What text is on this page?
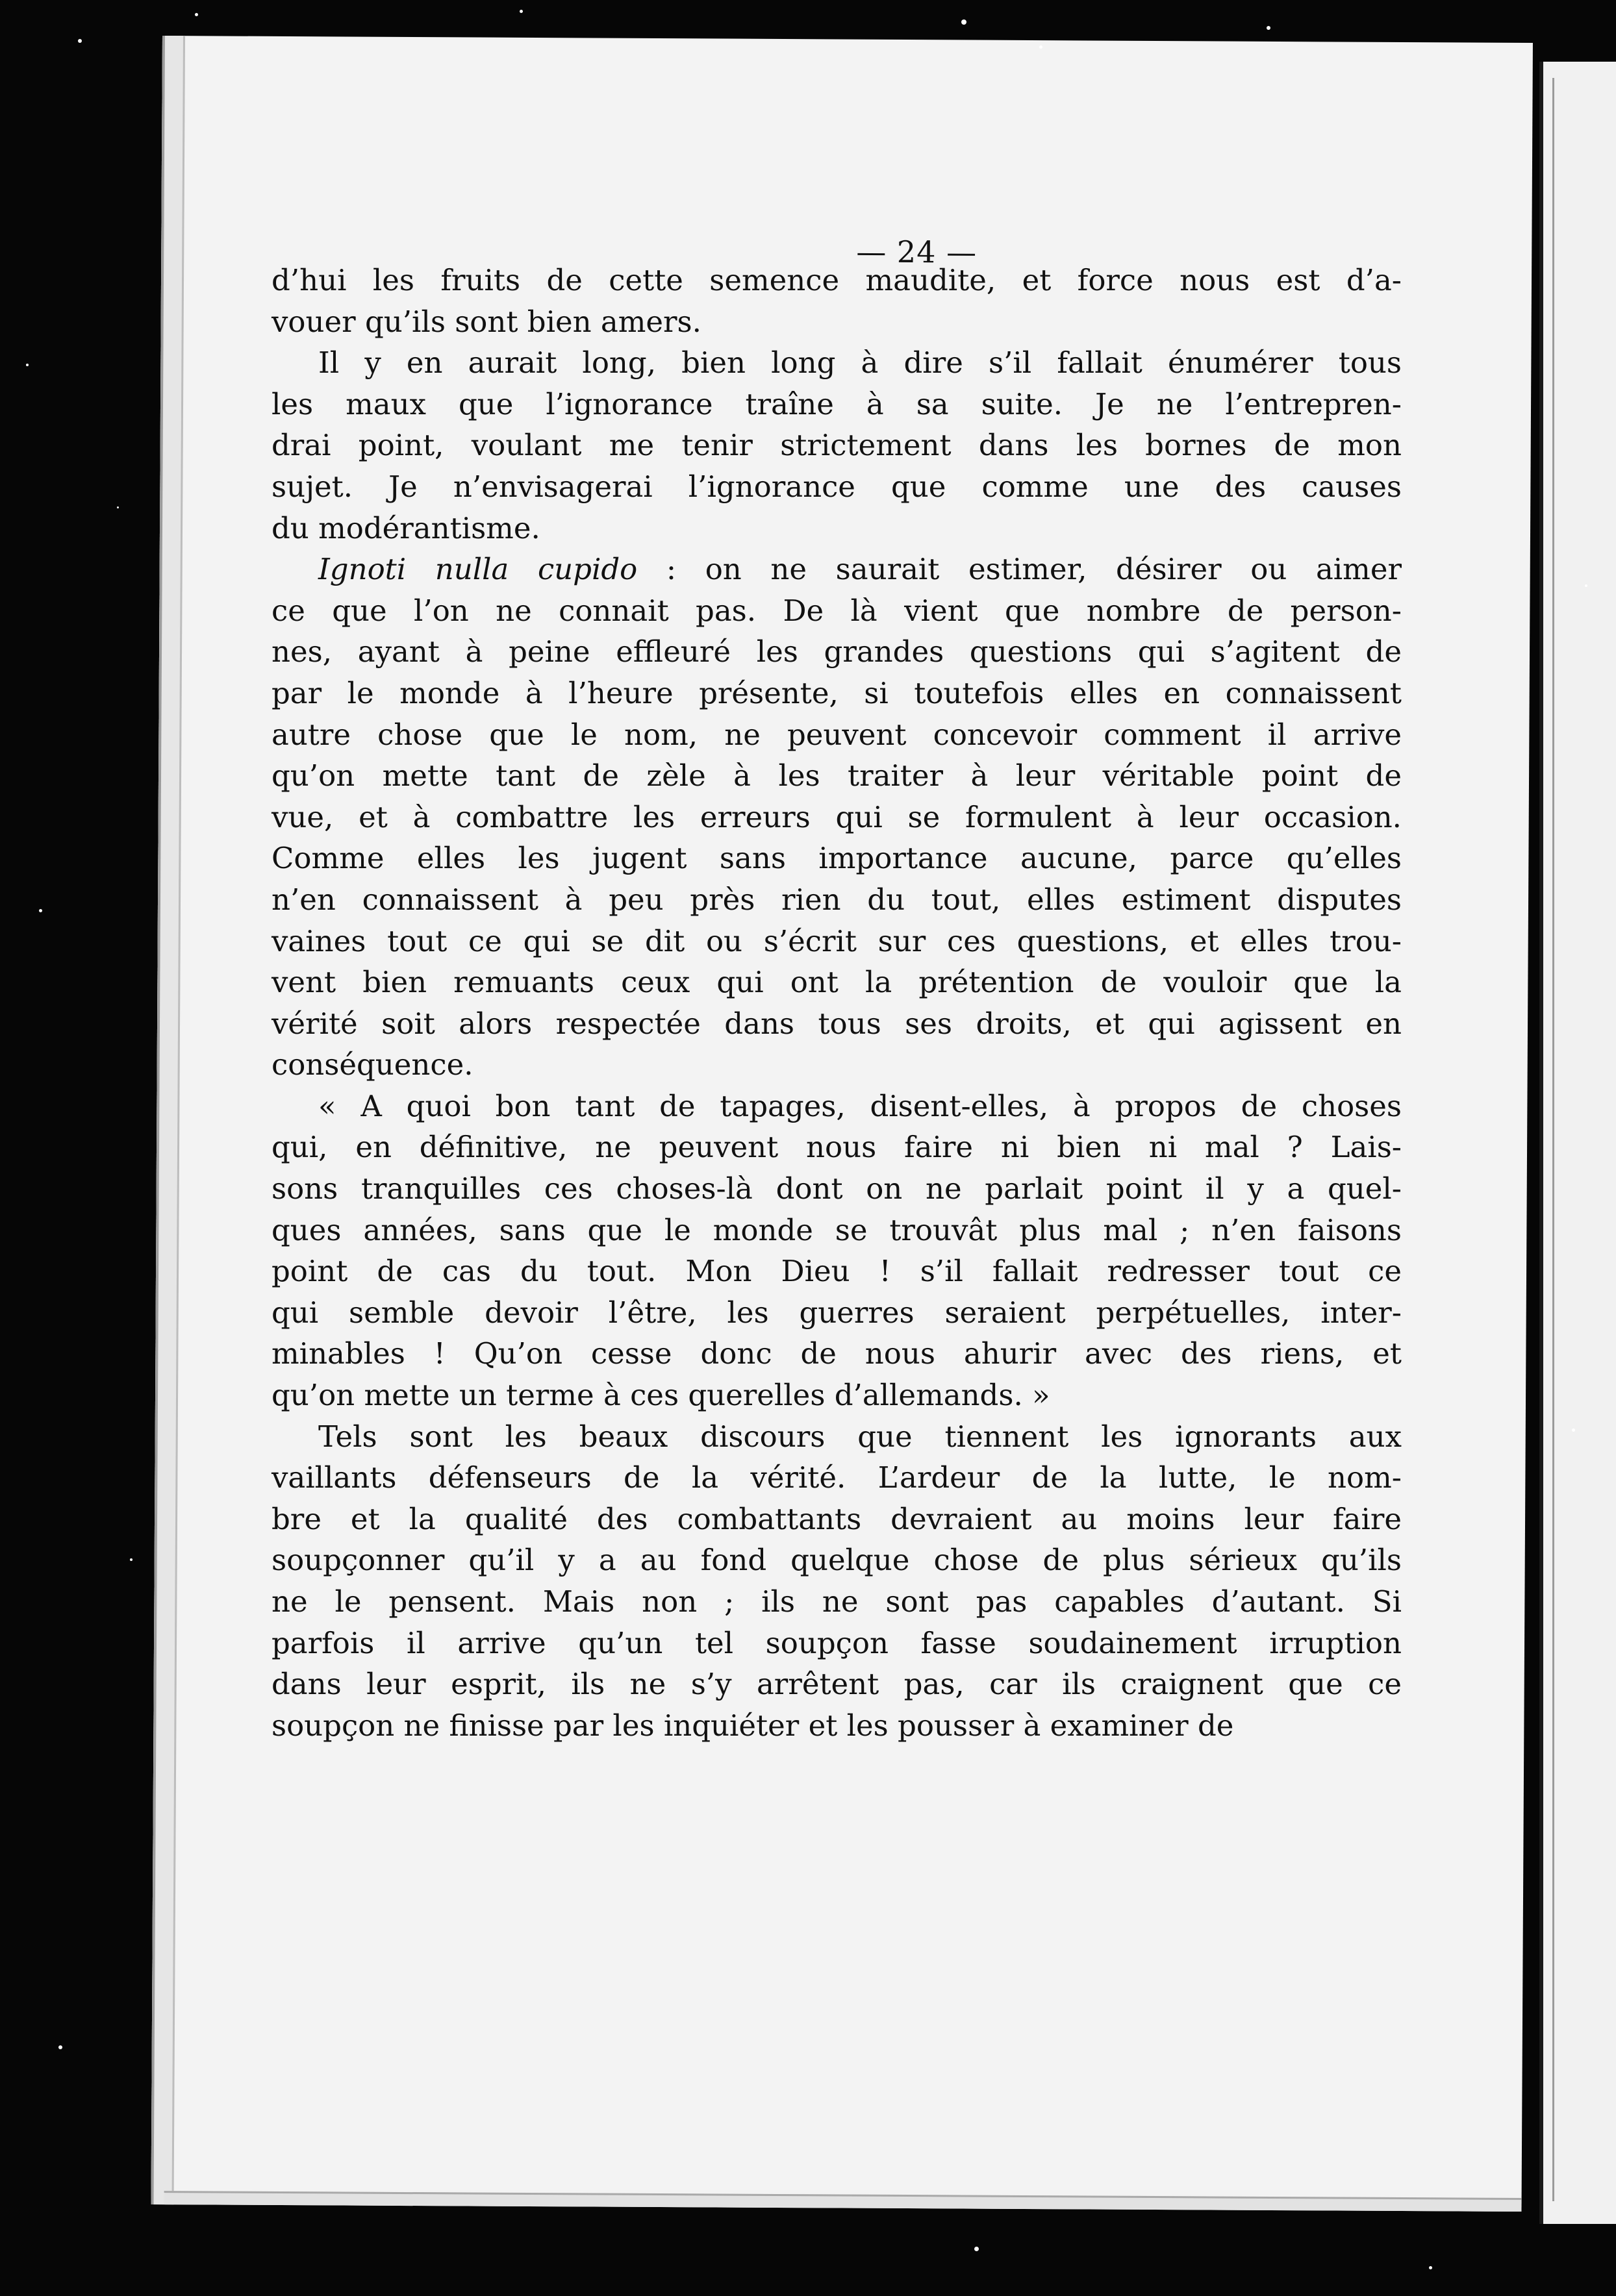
— 24 —
d’hui les fruits de cette semence maudite, et force nous est d’a-
vouer qu’ils sont bien amers.
Il y en aurait long, bien long à dire s’il fallait énumérer tous
les maux que l’ignorance traîne à sa suite. Je ne l’entrepren-
drai point, voulant me tenir strictement dans les bornes de mon
sujet. Je n’envisagerai l’ignorance que comme une des causes
du modérantisme.
Ignoti nulla cupido : on ne saurait estimer, désirer ou aimer
ce que l’on ne connait pas. De là vient que nombre de person-
nes, ayant à peine effleuré les grandes questions qui s’agitent de
par le monde à l’heure présente, si toutefois elles en connaissent
autre chose que le nom, ne peuvent concevoir comment il arrive
qu’on mette tant de zèle à les traiter à leur véritable point de
vue, et à combattre les erreurs qui se formulent à leur occasion.
Comme elles les jugent sans importance aucune, parce qu’elles
n’en connaissent à peu près rien du tout, elles estiment disputes
vaines tout ce qui se dit ou s’écrit sur ces questions, et elles trou-
vent bien remuants ceux qui ont la prétention de vouloir que la
vérité soit alors respectée dans tous ses droits, et qui agissent en
conséquence.
« A quoi bon tant de tapages, disent-elles, à propos de choses
qui, en définitive, ne peuvent nous faire ni bien ni mal ? Lais-
sons tranquilles ces choses-là dont on ne parlait point il y a quel-
ques années, sans que le monde se trouvât plus mal ; n’en faisons
point de cas du tout. Mon Dieu ! s’il fallait redresser tout ce
qui semble devoir l’être, les guerres seraient perpétuelles, inter-
minables ! Qu’on cesse donc de nous ahurir avec des riens, et
qu’on mette un terme à ces querelles d’allemands. »
Tels sont les beaux discours que tiennent les ignorants aux
vaillants défenseurs de la vérité. L’ardeur de la lutte, le nom-
bre et la qualité des combattants devraient au moins leur faire
soupçonner qu’il y a au fond quelque chose de plus sérieux qu’ils
ne le pensent. Mais non ; ils ne sont pas capables d’autant. Si
parfois il arrive qu’un tel soupçon fasse soudainement irruption
dans leur esprit, ils ne s’y arrêtent pas, car ils craignent que ce
soupçon ne finisse par les inquiéter et les pousser à examiner de
